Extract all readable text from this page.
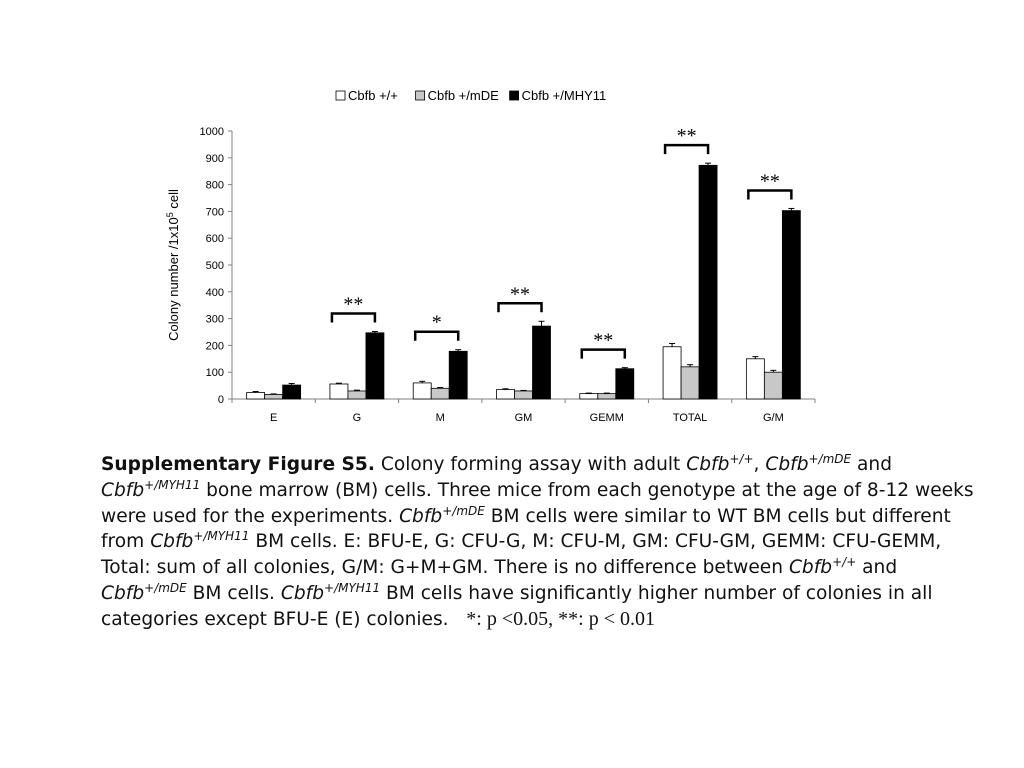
0
100
200
300
400
500
600
700
800
900
1000
Colony number $/1x10^5$ cell
E	G	M	GM	GEMM	TOTAL	G/M
**
*
**
**
**
**
Cbfb +/+ Cbfb +/mDE Cbfb +/MHY11
Supplementary Figure S5. Colony forming assay with adult Cbfb+/+, Cbfb$^{+/mDE}$ and Cbfb$^{+/MYH11}$ bone marrow (BM) cells. Three mice from each genotype at the age of 8-12 weeks were used for the experiments. Cbfb$^{+/mDE}$ BM cells were similar to WT BM cells but different from Cbfb$^{+/MYH11}$ BM cells. E: BFU-E, G: CFU-G, M: CFU-M, GM: CFU-GM, GEMM: CFU-GEMM, Total: sum of all colonies, G/M: G+M+GM. There is no difference between Cbfb+/+ and Cbfb$^{+/mDE}$ BM cells. Cbfb$^{+/MYH11}$ BM cells have significantly higher number of colonies in all categories except BFU-E (E) colonies. *: p <0.05, **: p < 0.01
